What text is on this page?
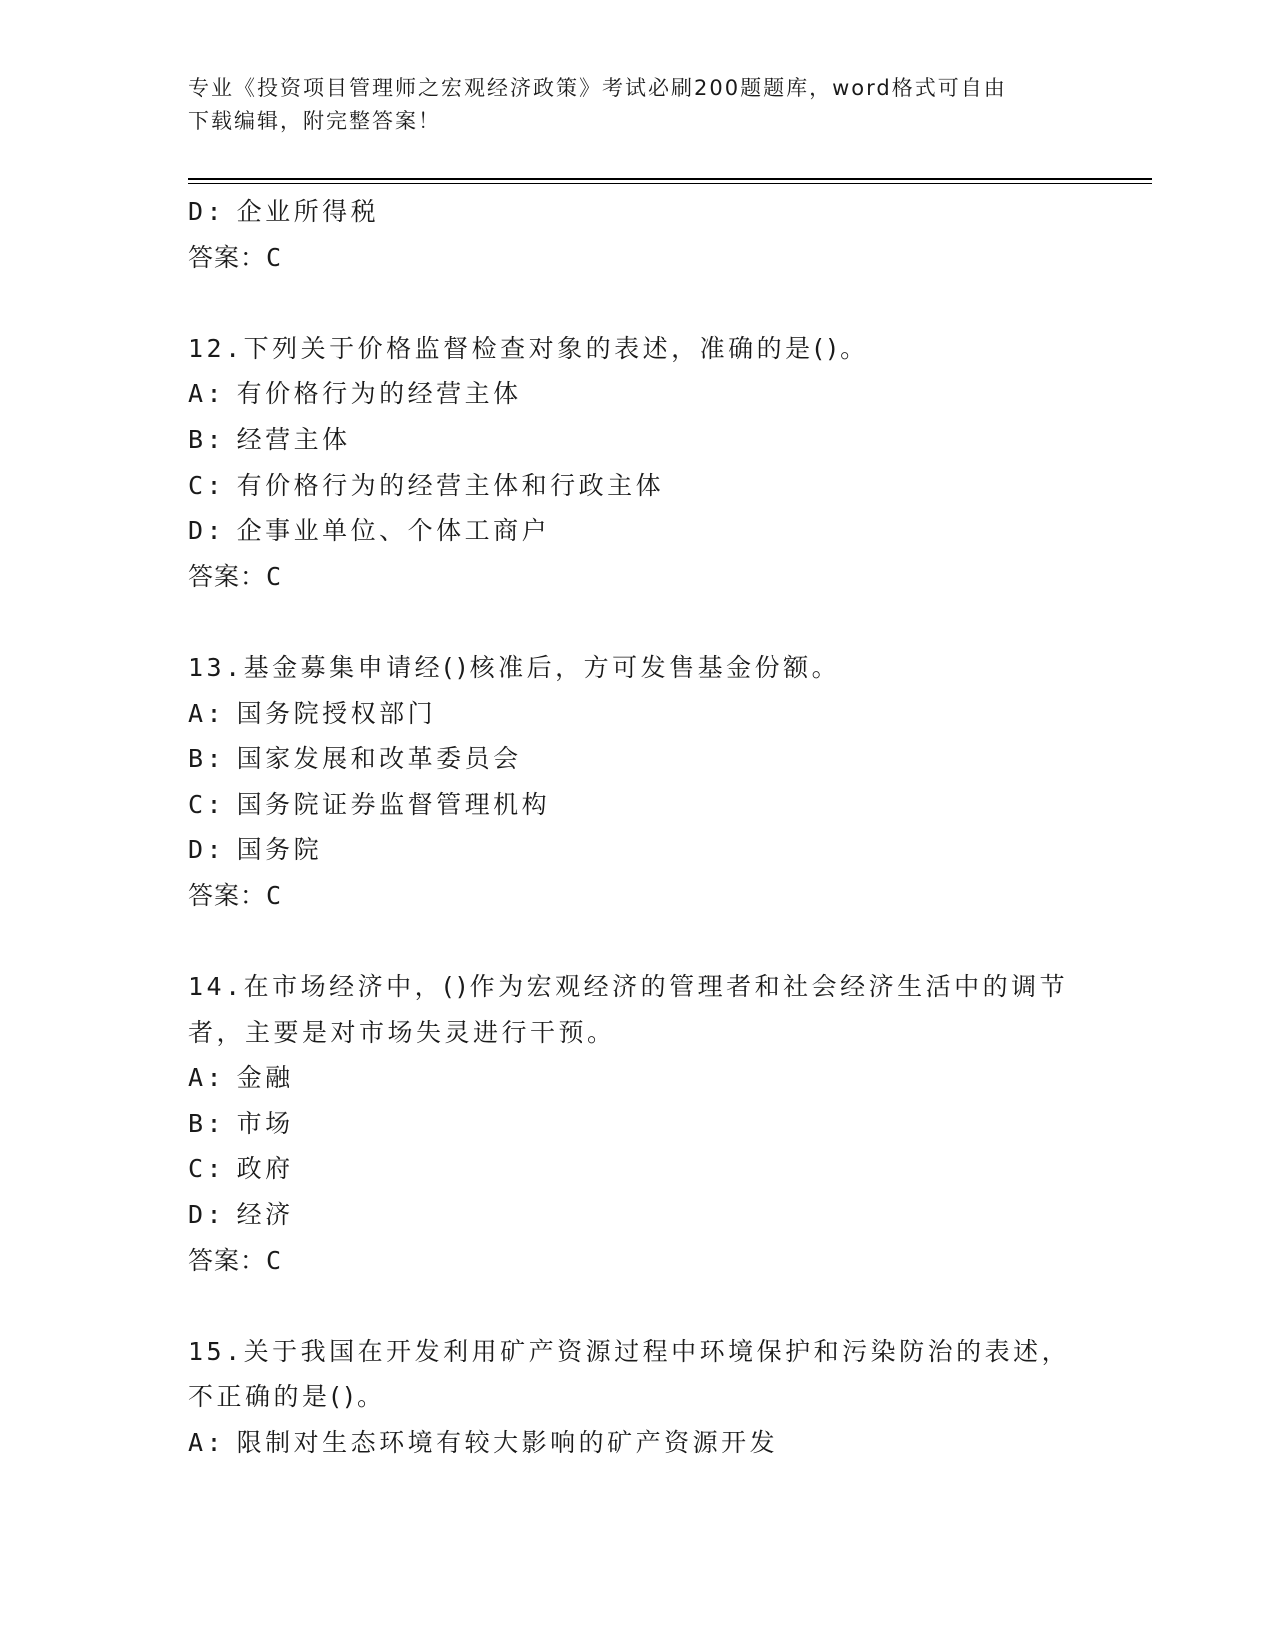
专业《投资项目管理师之宏观经济政策》考试必刷200题题库，word格式可自由
下载编辑，附完整答案！
D: 企业所得税
答案：C
12.下列关于价格监督检查对象的表述，准确的是()。
A: 有价格行为的经营主体
B: 经营主体
C: 有价格行为的经营主体和行政主体
D: 企事业单位、个体工商户
答案：C
13.基金募集申请经()核准后，方可发售基金份额。
A: 国务院授权部门
B: 国家发展和改革委员会
C: 国务院证券监督管理机构
D: 国务院
答案：C
14.在市场经济中，()作为宏观经济的管理者和社会经济生活中的调节
者，主要是对市场失灵进行干预。
A: 金融
B: 市场
C: 政府
D: 经济
答案：C
15.关于我国在开发利用矿产资源过程中环境保护和污染防治的表述，
不正确的是()。
A: 限制对生态环境有较大影响的矿产资源开发
